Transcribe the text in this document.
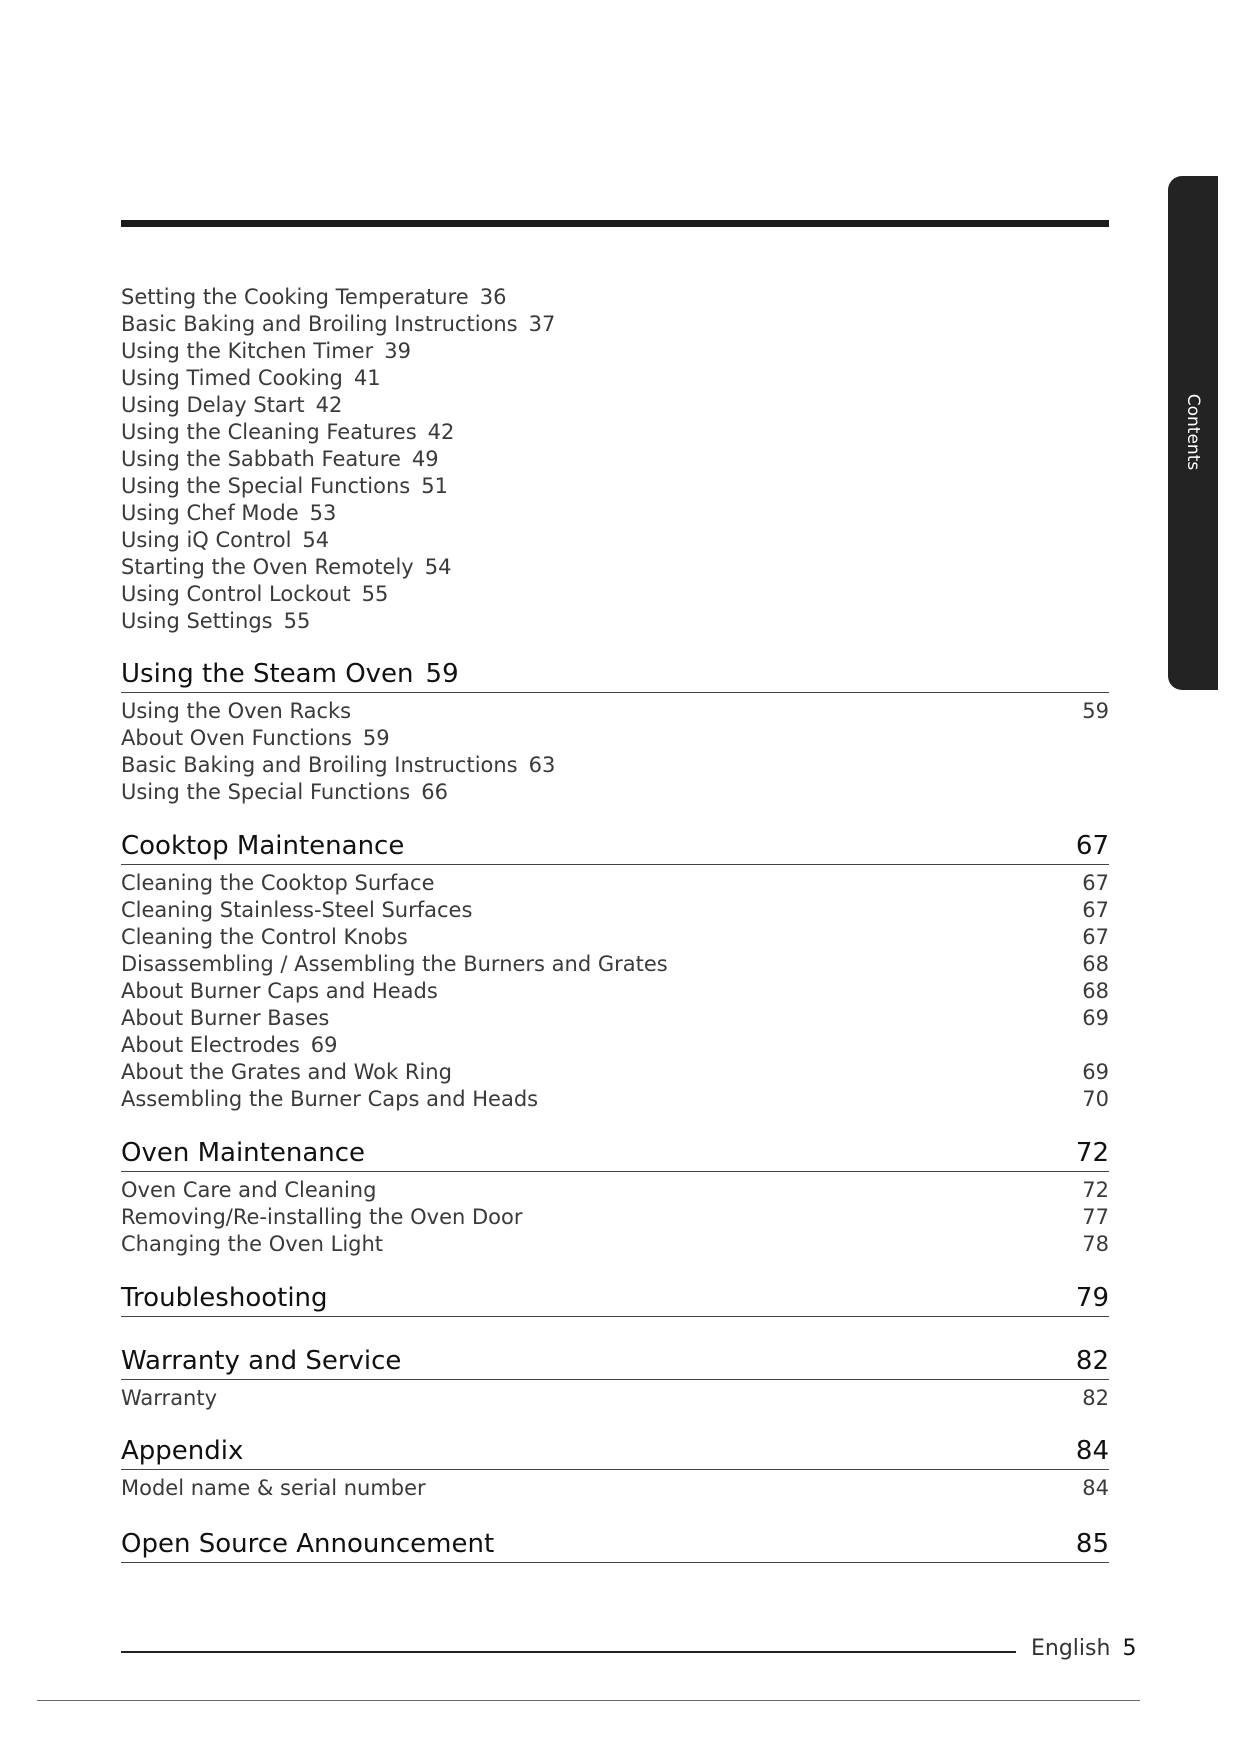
Contents
Setting the Cooking Temperature 36
Basic Baking and Broiling Instructions 37
Using the Kitchen Timer 39
Using Timed Cooking 41
Using Delay Start 42
Using the Cleaning Features 42
Using the Sabbath Feature 49
Using the Special Functions 51
Using Chef Mode 53
Using iQ Control 54
Starting the Oven Remotely 54
Using Control Lockout 55
Using Settings 55
Using the Steam Oven 59
Using the Oven Racks	59
About Oven Functions 59
Basic Baking and Broiling Instructions 63
Using the Special Functions 66
Cooktop Maintenance	67
Cleaning the Cooktop Surface	67
Cleaning Stainless-Steel Surfaces	67
Cleaning the Control Knobs	67
Disassembling / Assembling the Burners and Grates	68
About Burner Caps and Heads	68
About Burner Bases	69
About Electrodes 69
About the Grates and Wok Ring	69
Assembling the Burner Caps and Heads	70
Oven Maintenance	72
Oven Care and Cleaning	72
Removing/Re-installing the Oven Door	77
Changing the Oven Light	78
Troubleshooting	79
Warranty and Service	82
Warranty	82
Appendix	84
Model name & serial number	84
Open Source Announcement	85
English 5
